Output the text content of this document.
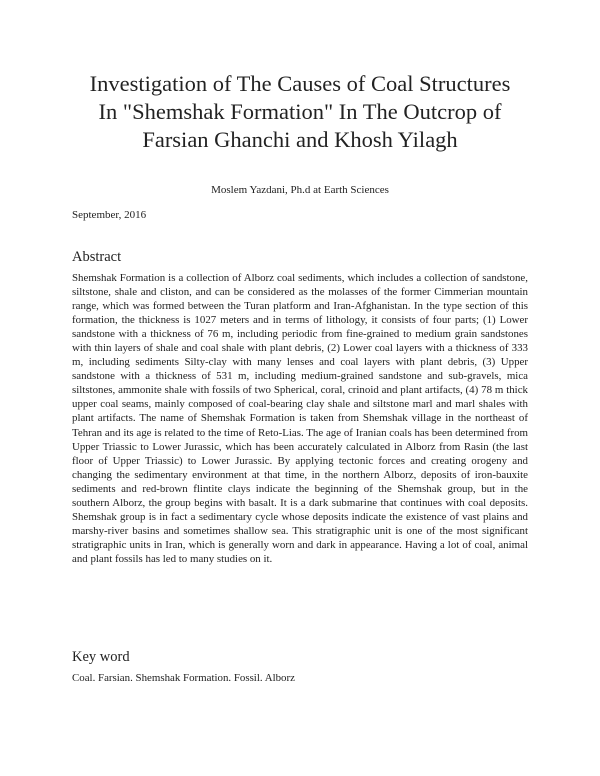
Investigation of The Causes of Coal Structures
In "Shemshak Formation" In The Outcrop of
Farsian Ghanchi and Khosh Yilagh
Moslem Yazdani, Ph.d at Earth Sciences
September, 2016
Abstract

Shemshak Formation is a collection of Alborz coal sediments, which includes a collection of sandstone, siltstone, shale and cliston, and can be considered as the molasses of the former Cimmerian mountain range, which was formed between the Turan platform and Iran-Afghanistan. In the type section of this formation, the thickness is 1027 meters and in terms of lithology, it consists of four parts; (1) Lower sandstone with a thickness of 76 m, including periodic from fine-grained to medium grain sandstones with thin layers of shale and coal shale with plant debris, (2) Lower coal layers with a thickness of 333 m, including sediments Silty-clay with many lenses and coal layers with plant debris, (3) Upper sandstone with a thickness of 531 m, including medium-grained sandstone and sub-gravels, mica siltstones, ammonite shale with fossils of two Spherical, coral, crinoid and plant artifacts, (4) 78 m thick upper coal seams, mainly composed of coal-bearing clay shale and siltstone marl and marl shales with plant artifacts. The name of Shemshak Formation is taken from Shemshak village in the northeast of Tehran and its age is related to the time of Reto-Lias. The age of Iranian coals has been determined from Upper Triassic to Lower Jurassic, which has been accurately calculated in Alborz from Rasin (the last floor of Upper Triassic) to Lower Jurassic. By applying tectonic forces and creating orogeny and changing the sedimentary environment at that time, in the northern Alborz, deposits of iron-bauxite sediments and red-brown flintite clays indicate the beginning of the Shemshak group, but in the southern Alborz, the group begins with basalt. It is a dark submarine that continues with coal deposits. Shemshak group is in fact a sedimentary cycle whose deposits indicate the existence of vast plains and marshy-river basins and sometimes shallow sea. This stratigraphic unit is one of the most significant stratigraphic units in Iran, which is generally worn and dark in appearance. Having a lot of coal, animal and plant fossils has led to many studies on it.

Key word

Coal. Farsian. Shemshak Formation. Fossil. Alborz
